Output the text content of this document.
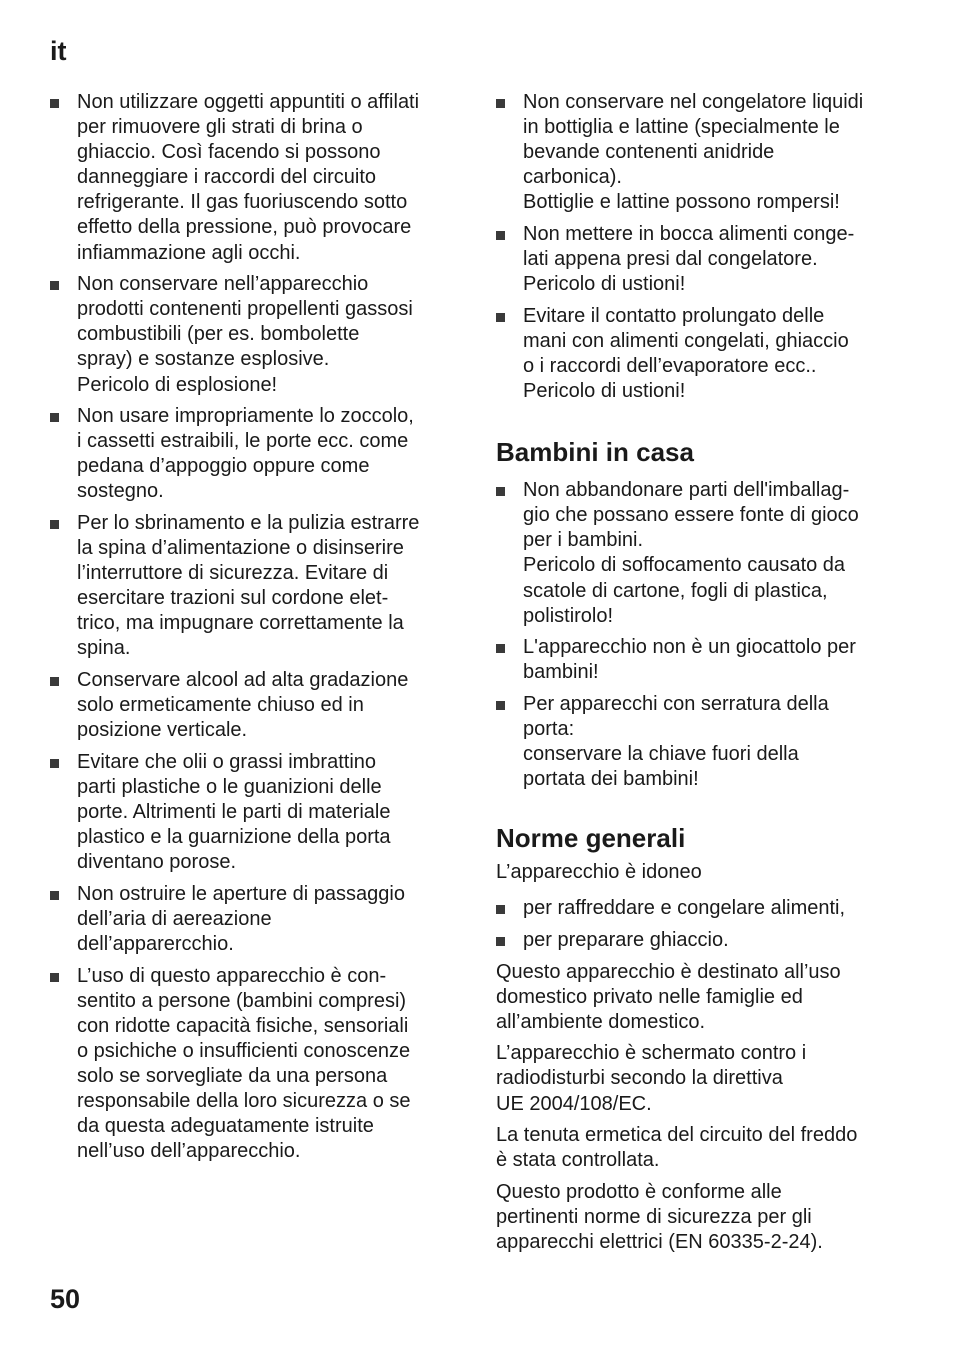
it
Non utilizzare oggetti appuntiti o affilati
per rimuovere gli strati di brina o
ghiaccio. Così facendo si possono
danneggiare i raccordi del circuito
refrigerante. Il gas fuoriuscendo sotto
effetto della pressione, può provocare
infiammazione agli occhi.
Non conservare nell’apparecchio
prodotti contenenti propellenti gassosi
combustibili (per es. bombolette
spray) e sostanze esplosive.
Pericolo di esplosione!
Non usare impropriamente lo zoccolo,
i cassetti estraibili, le porte ecc. come
pedana d’appoggio oppure come
sostegno.
Per lo sbrinamento e la pulizia estrarre
la spina d’alimentazione o disinserire
l’interruttore di sicurezza. Evitare di
esercitare trazioni sul cordone elet-
trico, ma impugnare correttamente la
spina.
Conservare alcool ad alta gradazione
solo ermeticamente chiuso ed in
posizione verticale.
Evitare che olii o grassi imbrattino
parti plastiche o le guanizioni delle
porte. Altrimenti le parti di materiale
plastico e la guarnizione della porta
diventano porose.
Non ostruire le aperture di passaggio
dell’aria di aereazione
dell’apparercchio.
L’uso di questo apparecchio è con-
sentito a persone (bambini compresi)
con ridotte capacità fisiche, sensoriali
o psichiche o insufficienti conoscenze
solo se sorvegliate da una persona
responsabile della loro sicurezza o se
da questa adeguatamente istruite
nell’uso dell’apparecchio.
Non conservare nel congelatore liquidi
in bottiglia e lattine (specialmente le
bevande contenenti anidride
carbonica).
Bottiglie e lattine possono rompersi!
Non mettere in bocca alimenti conge-
lati appena presi dal congelatore.
Pericolo di ustioni!
Evitare il contatto prolungato delle
mani con alimenti congelati, ghiaccio
o i raccordi dell’evaporatore ecc..
Pericolo di ustioni!
Bambini in casa
Non abbandonare parti dell'imballag-
gio che possano essere fonte di gioco
per i bambini.
Pericolo di soffocamento causato da
scatole di cartone, fogli di plastica,
polistirolo!
L'apparecchio non è un giocattolo per
bambini!
Per apparecchi con serratura della
porta:
conservare la chiave fuori della
portata dei bambini!
Norme generali

L’apparecchio è idoneo

per raffreddare e congelare alimenti,
per preparare ghiaccio.

Questo apparecchio è destinato all’uso
domestico privato nelle famiglie ed
all’ambiente domestico.

L’apparecchio è schermato contro i
radiodisturbi secondo la direttiva
UE 2004/108/EC.

La tenuta ermetica del circuito del freddo
è stata controllata.

Questo prodotto è conforme alle
pertinenti norme di sicurezza per gli
apparecchi elettrici (EN 60335-2-24).

50
